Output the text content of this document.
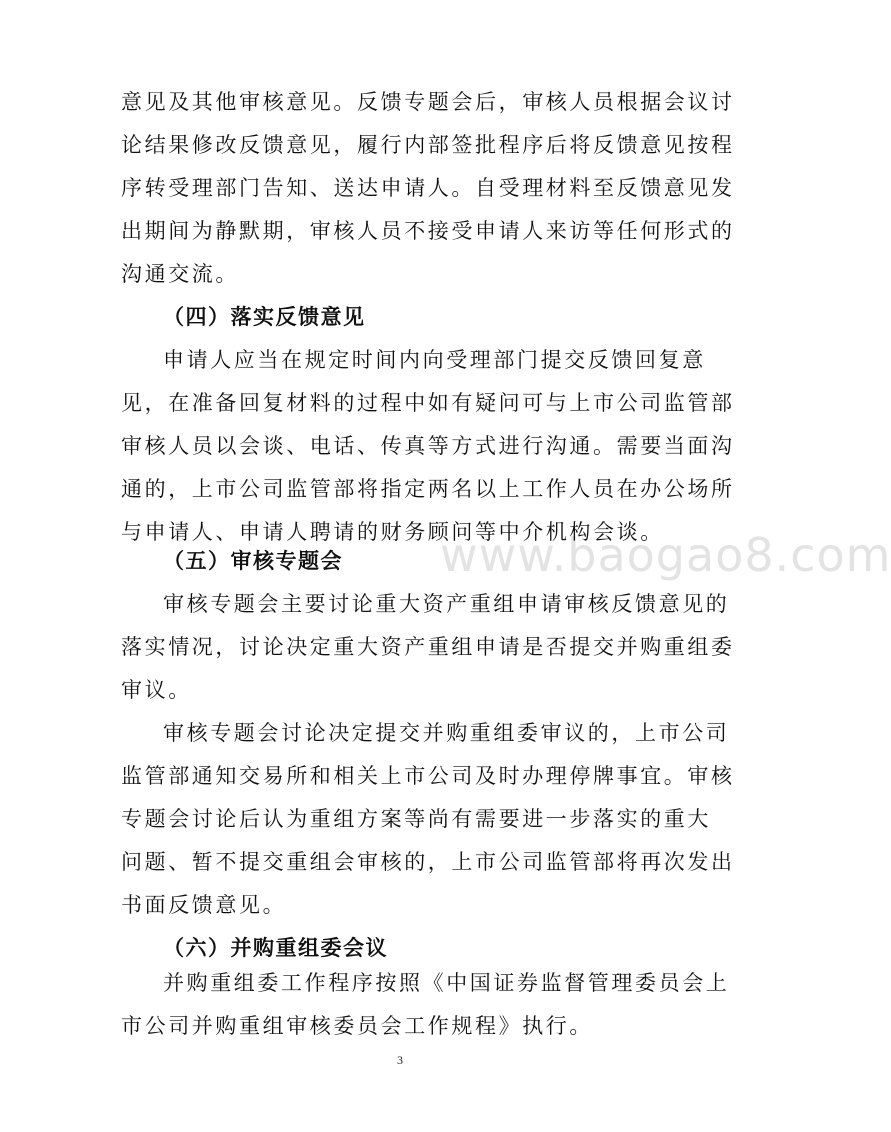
www.baogao8.com
意见及其他审核意见。反馈专题会后，审核人员根据会议讨
论结果修改反馈意见，履行内部签批程序后将反馈意见按程
序转受理部门告知、送达申请人。自受理材料至反馈意见发
出期间为静默期，审核人员不接受申请人来访等任何形式的
沟通交流。
（四）落实反馈意见
申请人应当在规定时间内向受理部门提交反馈回复意
见，在准备回复材料的过程中如有疑问可与上市公司监管部
审核人员以会谈、电话、传真等方式进行沟通。需要当面沟
通的，上市公司监管部将指定两名以上工作人员在办公场所
与申请人、申请人聘请的财务顾问等中介机构会谈。
（五）审核专题会
审核专题会主要讨论重大资产重组申请审核反馈意见的
落实情况，讨论决定重大资产重组申请是否提交并购重组委
审议。
审核专题会讨论决定提交并购重组委审议的，上市公司
监管部通知交易所和相关上市公司及时办理停牌事宜。审核
专题会讨论后认为重组方案等尚有需要进一步落实的重大
问题、暂不提交重组会审核的，上市公司监管部将再次发出
书面反馈意见。
（六）并购重组委会议
并购重组委工作程序按照《中国证券监督管理委员会上
市公司并购重组审核委员会工作规程》执行。
3
